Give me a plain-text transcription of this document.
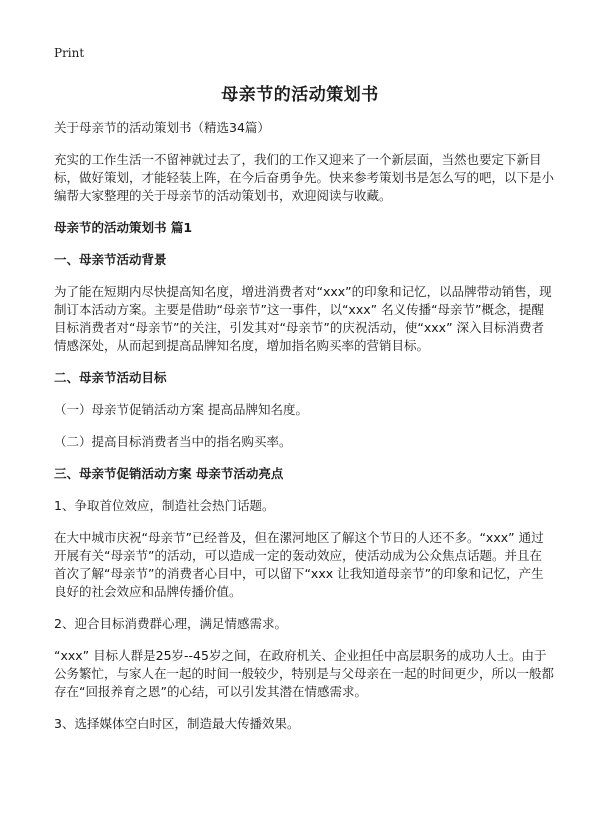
Print
母亲节的活动策划书

关于母亲节的活动策划书（精选34篇）

充实的工作生活一不留神就过去了，我们的工作又迎来了一个新层面，当然也要定下新目标，做好策划，才能轻装上阵，在今后奋勇争先。快来参考策划书是怎么写的吧，以下是小编帮大家整理的关于母亲节的活动策划书，欢迎阅读与收藏。

母亲节的活动策划书 篇1

一、母亲节活动背景

为了能在短期内尽快提高知名度，增进消费者对“xxx”的印象和记忆，以品牌带动销售，现制订本活动方案。主要是借助“母亲节”这一事件，以“xxx” 名义传播“母亲节”概念，提醒目标消费者对“母亲节”的关注，引发其对“母亲节”的庆祝活动，使“xxx” 深入目标消费者情感深处，从而起到提高品牌知名度，增加指名购买率的营销目标。

二、母亲节活动目标

（一）母亲节促销活动方案 提高品牌知名度。

（二）提高目标消费者当中的指名购买率。

三、母亲节促销活动方案 母亲节活动亮点

1、争取首位效应，制造社会热门话题。

在大中城市庆祝“母亲节”已经普及，但在漯河地区了解这个节日的人还不多。“xxx” 通过开展有关“母亲节”的活动，可以造成一定的轰动效应，使活动成为公众焦点话题。并且在首次了解“母亲节”的消费者心目中，可以留下“xxx 让我知道母亲节”的印象和记忆，产生良好的社会效应和品牌传播价值。

2、迎合目标消费群心理，满足情感需求。

“xxx” 目标人群是25岁--45岁之间，在政府机关、企业担任中高层职务的成功人士。由于公务繁忙，与家人在一起的时间一般较少，特别是与父母亲在一起的时间更少，所以一般都存在“回报养育之恩”的心结，可以引发其潜在情感需求。

3、选择媒体空白时区，制造最大传播效果。
